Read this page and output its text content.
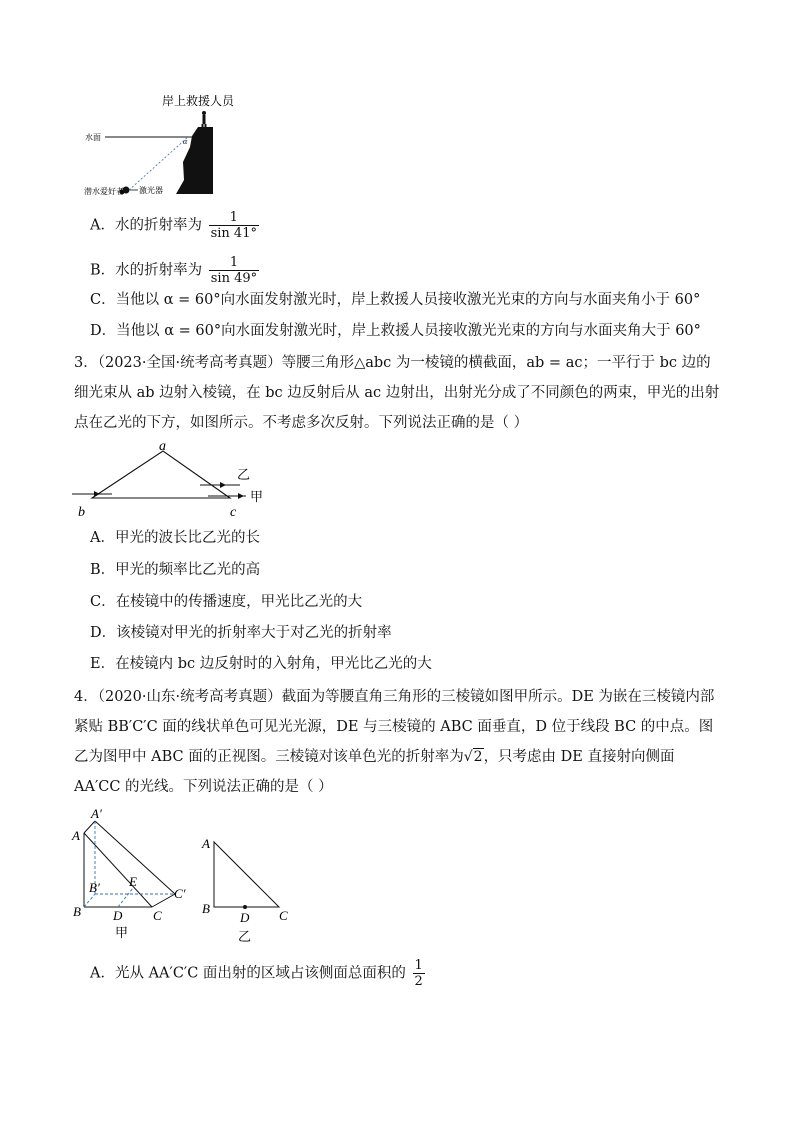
岸上救援人员
水面	α
潜水爱好者 激光器
A．水的折射率为 $\frac{1}{\sin 41^\circ}$
B．水的折射率为 $\frac{1}{\sin 49^\circ}$
C．当他以 α = 60°向水面发射激光时，岸上救援人员接收激光光束的方向与水面夹角小于 60°
D．当他以 α = 60°向水面发射激光时，岸上救援人员接收激光光束的方向与水面夹角大于 60°
3．（2023·全国·统考高考真题）等腰三角形△abc 为一棱镜的横截面，ab = ac；一平行于 bc 边的细光束从 ab 边射入棱镜，在 bc 边反射后从 ac 边射出，出射光分成了不同颜色的两束，甲光的出射点在乙光的下方，如图所示。不考虑多次反射。下列说法正确的是（ ）
a
b	c
乙
甲
A．甲光的波长比乙光的长
B．甲光的频率比乙光的高
C．在棱镜中的传播速度，甲光比乙光的大
D．该棱镜对甲光的折射率大于对乙光的折射率
E．在棱镜内 bc 边反射时的入射角，甲光比乙光的大
4．（2020·山东·统考高考真题）截面为等腰直角三角形的三棱镜如图甲所示。DE 为嵌在三棱镜内部紧贴 BB′C′C 面的线状单色可见光光源，DE 与三棱镜的 ABC 面垂直，D 位于线段 BC 的中点。图乙为图甲中 ABC 面的正视图。三棱镜对该单色光的折射率为√2，只考虑由 DE 直接射向侧面 AA′CC 的光线。下列说法正确的是（ ）
A′
A
B′ E
C′
B D C
甲
A
B
D C
乙
A．光从 AA′C′C 面出射的区域占该侧面总面积的 $\frac{1}{2}$
